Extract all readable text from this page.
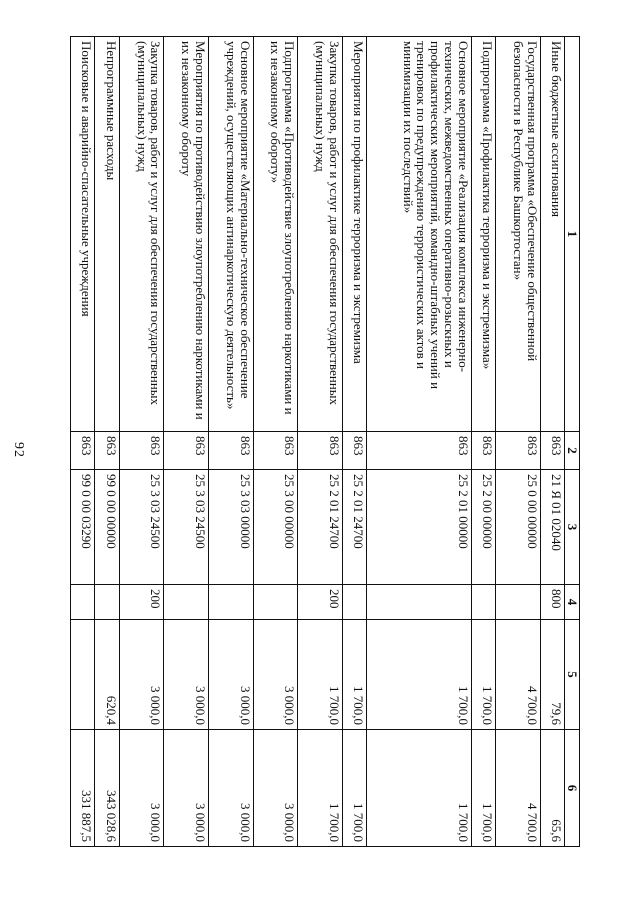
92
1	2	3	4	5	6
Иные бюджетные ассигнования	863	21 Я 01 02040	800	79,6	65,6
Государственная программа «Обеспечение общественной безопасности в Республике Башкортостан»	863	25 0 00 00000		4 700,0	4 700,0
Подпрограмма «Профилактика терроризма и экстремизма»	863	25 2 00 00000		1 700,0	1 700,0
Основное мероприятие «Реализация комплекса инженерно-технических, межведомственных оперативно-розыскных и профилактических мероприятий, командно-штабных учений и тренировок по предупреждению террористических актов и минимизации их последствий»	863	25 2 01 00000		1 700,0	1 700,0
Мероприятия по профилактике терроризма и экстремизма	863	25 2 01 24700		1 700,0	1 700,0
Закупка товаров, работ и услуг для обеспечения государственных (муниципальных) нужд	863	25 2 01 24700	200	1 700,0	1 700,0
Подпрограмма «Противодействие злоупотреблению наркотиками и их незаконному обороту»	863	25 3 00 00000		3 000,0	3 000,0
Основное мероприятие «Материально-техническое обеспечение учреждений, осуществляющих антинаркотическую деятельность»	863	25 3 03 00000		3 000,0	3 000,0
Мероприятия по противодействию злоупотреблению наркотиками и их незаконному обороту	863	25 3 03 24500		3 000,0	3 000,0
Закупка товаров, работ и услуг для обеспечения государственных (муниципальных) нужд	863	25 3 03 24500	200	3 000,0	3 000,0
Непрограммные расходы	863	99 0 00 00000		620,4	343 028,6
Поисковые и аварийно-спасательные учреждения	863	99 0 00 03290			331 887,5
